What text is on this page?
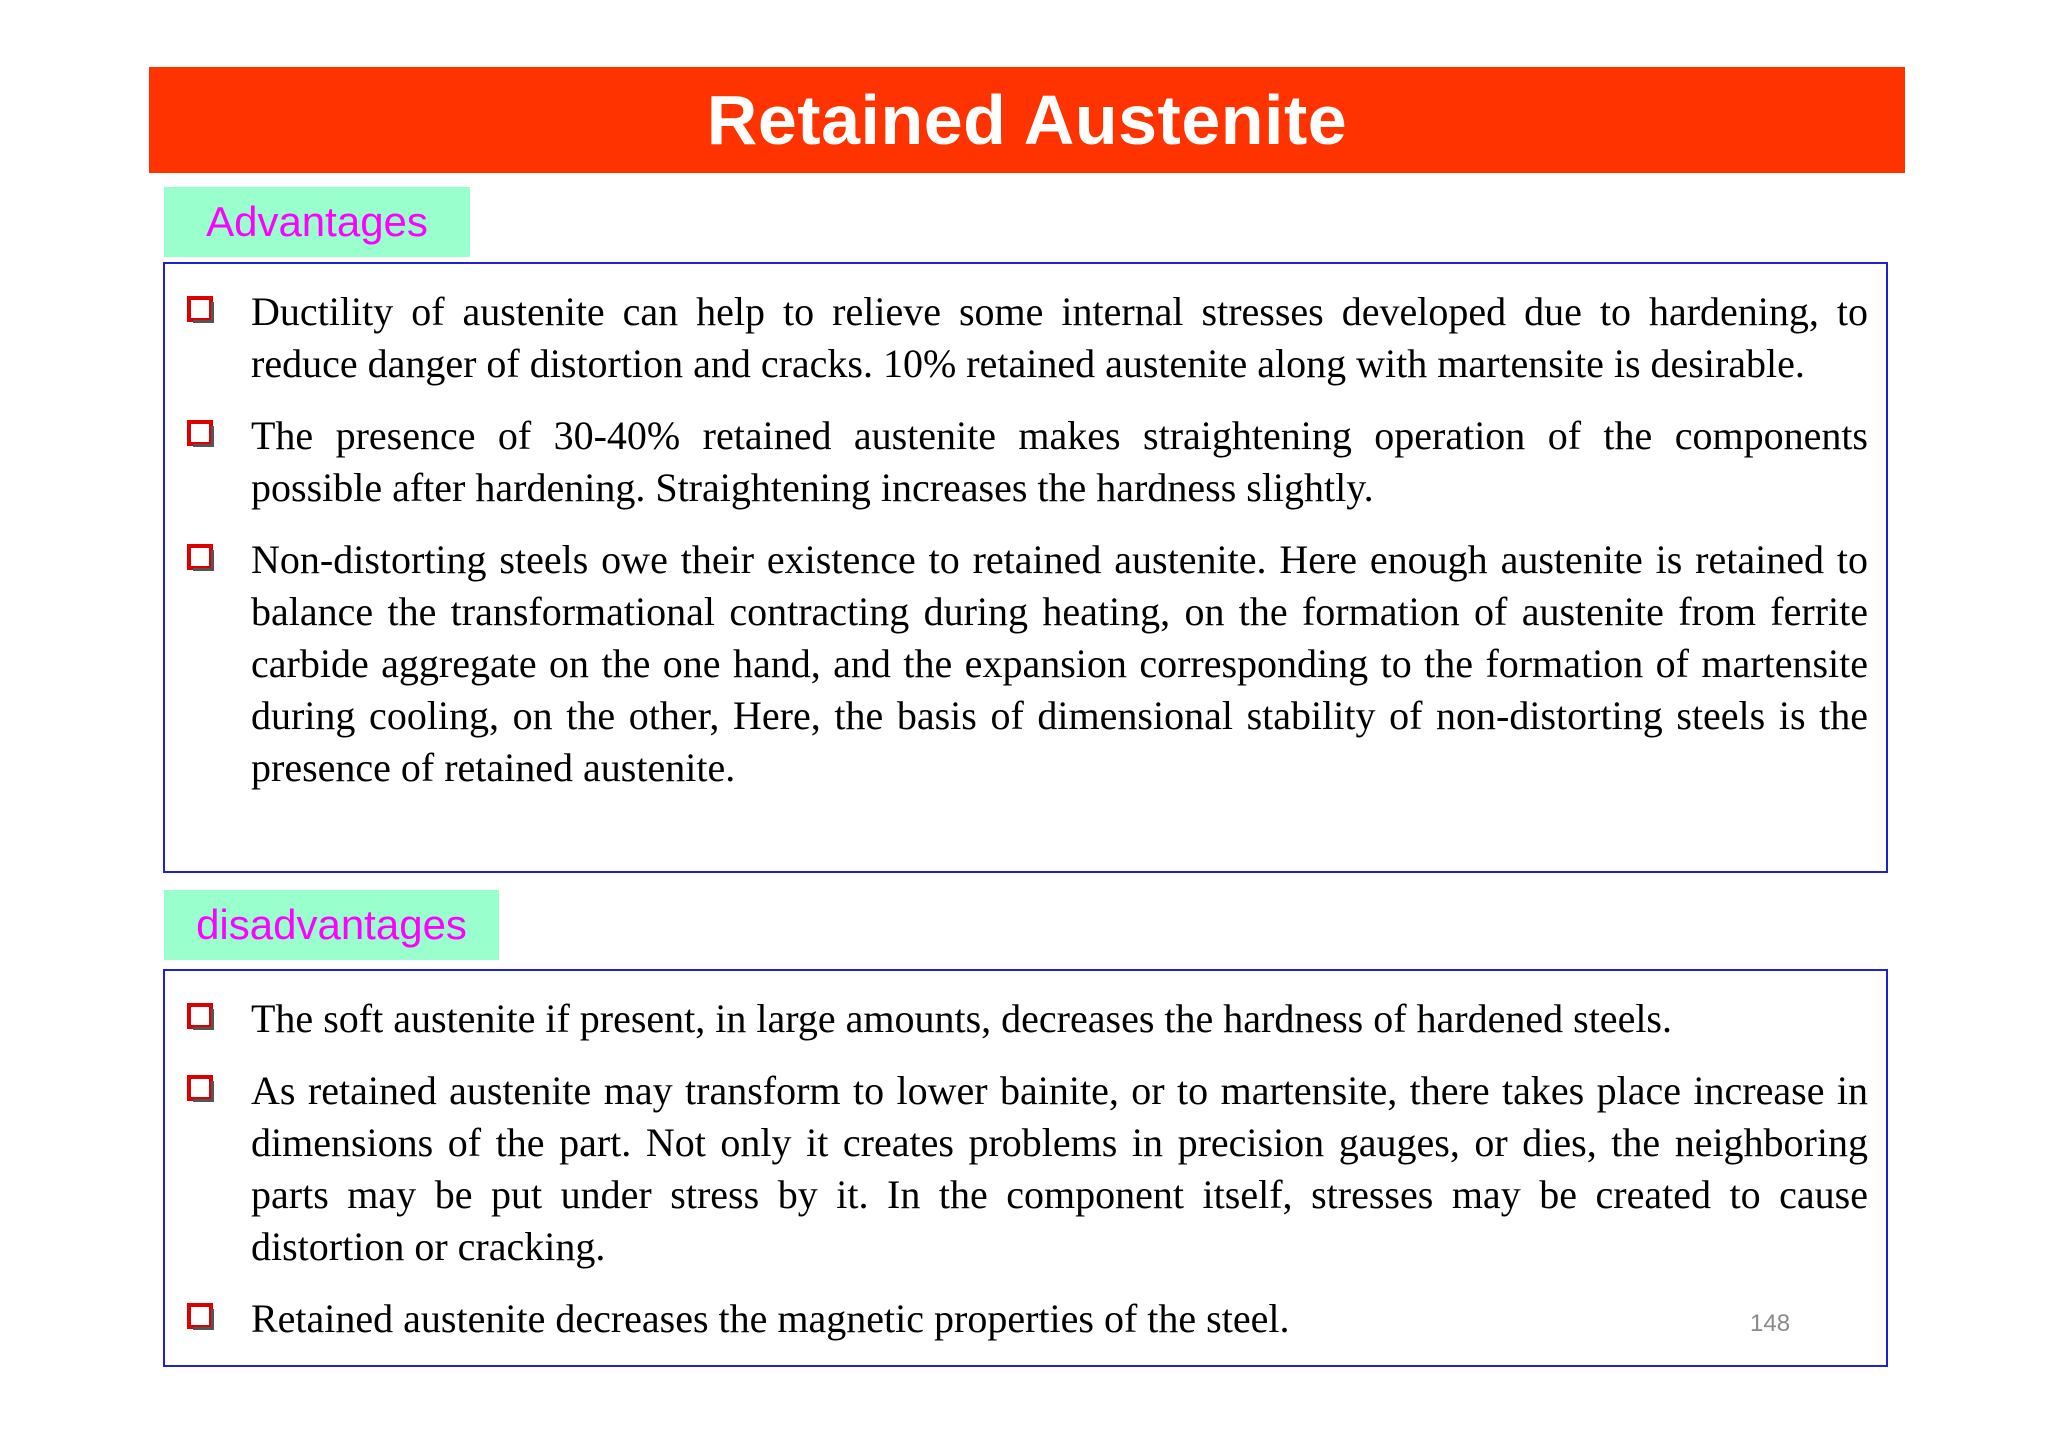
Retained Austenite
Advantages
Ductility of austenite can help to relieve some internal stresses developed due to hardening, to reduce danger of distortion and cracks. 10% retained austenite along with martensite is desirable.
The presence of 30-40% retained austenite makes straightening operation of the components possible after hardening. Straightening increases the hardness slightly.
Non-distorting steels owe their existence to retained austenite. Here enough austenite is retained to balance the transformational contracting during heating, on the formation of austenite from ferrite carbide aggregate on the one hand, and the expansion corresponding to the formation of martensite during cooling, on the other, Here, the basis of dimensional stability of non-distorting steels is the presence of retained austenite.
disadvantages
The soft austenite if present, in large amounts, decreases the hardness of hardened steels.
As retained austenite may transform to lower bainite, or to martensite, there takes place increase in dimensions of the part. Not only it creates problems in precision gauges, or dies, the neighboring parts may be put under stress by it. In the component itself, stresses may be created to cause distortion or cracking.
Retained austenite decreases the magnetic properties of the steel.	148
